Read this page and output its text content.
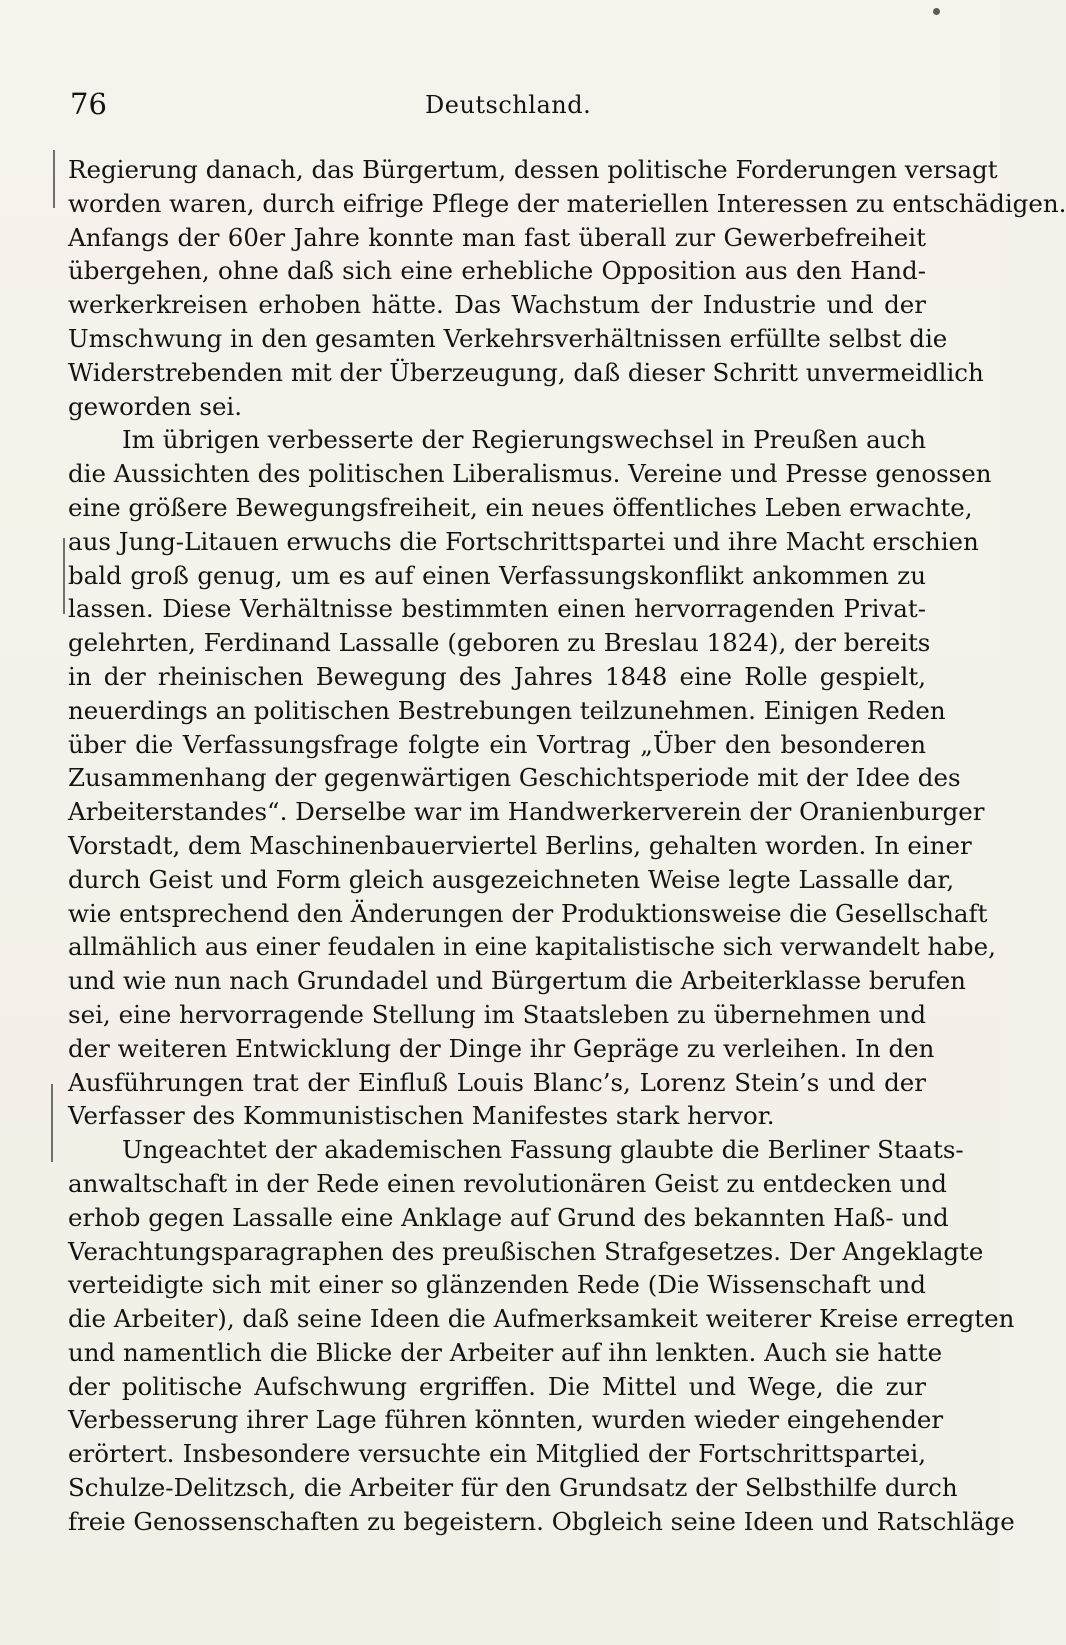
76	Deutschland.
Regierung danach, das Bürgertum, dessen politische Forderungen versagt
worden waren, durch eifrige Pflege der materiellen Interessen zu entschädigen.
Anfangs der 60er Jahre konnte man fast überall zur Gewerbefreiheit
übergehen, ohne daß sich eine erhebliche Opposition aus den Hand-
werkerkreisen erhoben hätte. Das Wachstum der Industrie und der
Umschwung in den gesamten Verkehrsverhältnissen erfüllte selbst die
Widerstrebenden mit der Überzeugung, daß dieser Schritt unvermeidlich
geworden sei.
Im übrigen verbesserte der Regierungswechsel in Preußen auch
die Aussichten des politischen Liberalismus. Vereine und Presse genossen
eine größere Bewegungsfreiheit, ein neues öffentliches Leben erwachte,
aus Jung-Litauen erwuchs die Fortschrittspartei und ihre Macht erschien
bald groß genug, um es auf einen Verfassungskonflikt ankommen zu
lassen. Diese Verhältnisse bestimmten einen hervorragenden Privat-
gelehrten, Ferdinand Lassalle (geboren zu Breslau 1824), der bereits
in der rheinischen Bewegung des Jahres 1848 eine Rolle gespielt,
neuerdings an politischen Bestrebungen teilzunehmen. Einigen Reden
über die Verfassungsfrage folgte ein Vortrag „Über den besonderen
Zusammenhang der gegenwärtigen Geschichtsperiode mit der Idee des
Arbeiterstandes“. Derselbe war im Handwerkerverein der Oranienburger
Vorstadt, dem Maschinenbauerviertel Berlins, gehalten worden. In einer
durch Geist und Form gleich ausgezeichneten Weise legte Lassalle dar,
wie entsprechend den Änderungen der Produktionsweise die Gesellschaft
allmählich aus einer feudalen in eine kapitalistische sich verwandelt habe,
und wie nun nach Grundadel und Bürgertum die Arbeiterklasse berufen
sei, eine hervorragende Stellung im Staatsleben zu übernehmen und
der weiteren Entwicklung der Dinge ihr Gepräge zu verleihen. In den
Ausführungen trat der Einfluß Louis Blanc’s, Lorenz Stein’s und der
Verfasser des Kommunistischen Manifestes stark hervor.
Ungeachtet der akademischen Fassung glaubte die Berliner Staats-
anwaltschaft in der Rede einen revolutionären Geist zu entdecken und
erhob gegen Lassalle eine Anklage auf Grund des bekannten Haß- und
Verachtungsparagraphen des preußischen Strafgesetzes. Der Angeklagte
verteidigte sich mit einer so glänzenden Rede (Die Wissenschaft und
die Arbeiter), daß seine Ideen die Aufmerksamkeit weiterer Kreise erregten
und namentlich die Blicke der Arbeiter auf ihn lenkten. Auch sie hatte
der politische Aufschwung ergriffen. Die Mittel und Wege, die zur
Verbesserung ihrer Lage führen könnten, wurden wieder eingehender
erörtert. Insbesondere versuchte ein Mitglied der Fortschrittspartei,
Schulze-Delitzsch, die Arbeiter für den Grundsatz der Selbsthilfe durch
freie Genossenschaften zu begeistern. Obgleich seine Ideen und Ratschläge
